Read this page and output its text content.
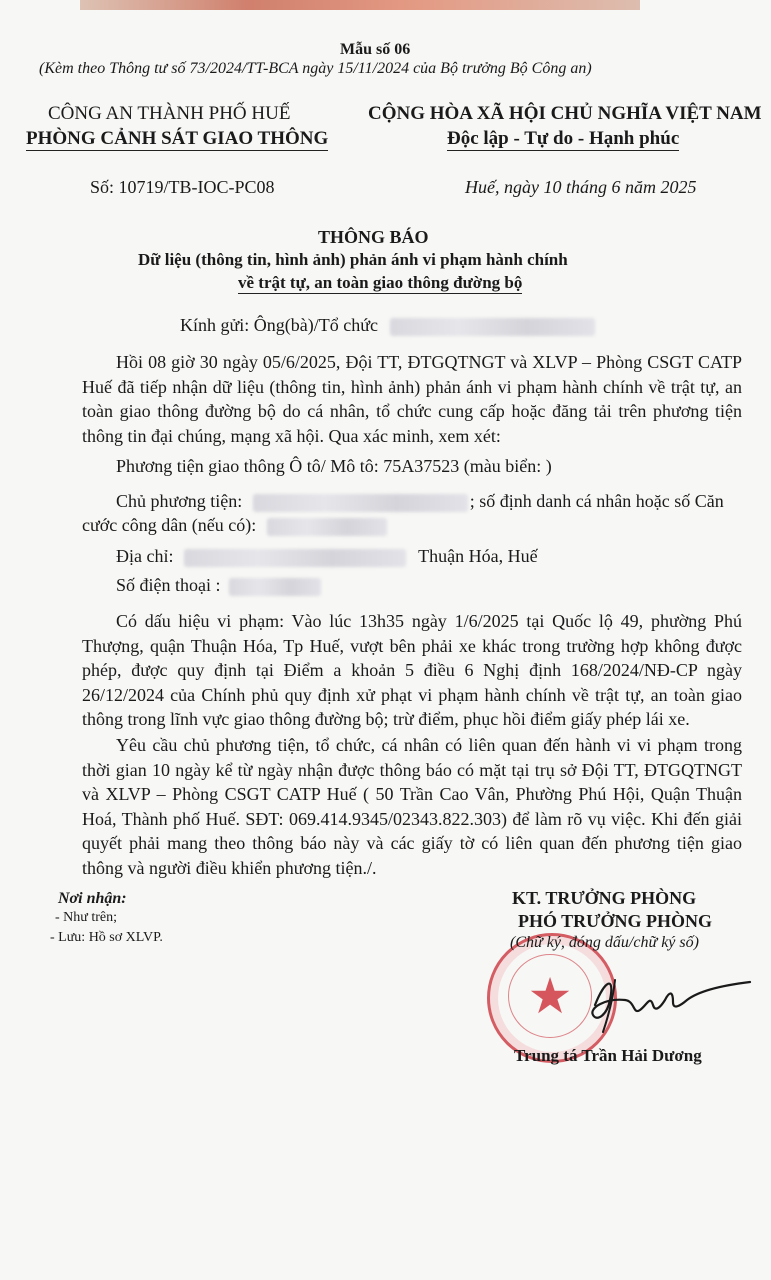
Mẫu số 06
(Kèm theo Thông tư số 73/2024/TT-BCA ngày 15/11/2024 của Bộ trưởng Bộ Công an)
CÔNG AN THÀNH PHỐ HUẾ
PHÒNG CẢNH SÁT GIAO THÔNG
CỘNG HÒA XÃ HỘI CHỦ NGHĨA VIỆT NAM
Độc lập - Tự do - Hạnh phúc
Số: 10719/TB-IOC-PC08	Huế, ngày 10 tháng 6 năm 2025
THÔNG BÁO
Dữ liệu (thông tin, hình ảnh) phản ánh vi phạm hành chính
về trật tự, an toàn giao thông đường bộ
Kính gửi: Ông(bà)/Tổ chức
Hồi 08 giờ 30 ngày 05/6/2025, Đội TT, ĐTGQTNGT và XLVP – Phòng CSGT CATP Huế đã tiếp nhận dữ liệu (thông tin, hình ảnh) phản ánh vi phạm hành chính về trật tự, an toàn giao thông đường bộ do cá nhân, tổ chức cung cấp hoặc đăng tải trên phương tiện thông tin đại chúng, mạng xã hội. Qua xác minh, xem xét:
Phương tiện giao thông Ô tô/ Mô tô: 75A37523 (màu biển: )
Chủ phương tiện:	; số định danh cá nhân hoặc số Căn
cước công dân (nếu có):
Địa chỉ:	Thuận Hóa, Huế
Số điện thoại :
Có dấu hiệu vi phạm: Vào lúc 13h35 ngày 1/6/2025 tại Quốc lộ 49, phường Phú Thượng, quận Thuận Hóa, Tp Huế, vượt bên phải xe khác trong trường hợp không được phép, được quy định tại Điểm a khoản 5 điều 6 Nghị định 168/2024/NĐ-CP ngày 26/12/2024 của Chính phủ quy định xử phạt vi phạm hành chính về trật tự, an toàn giao thông trong lĩnh vực giao thông đường bộ; trừ điểm, phục hồi điểm giấy phép lái xe.
Yêu cầu chủ phương tiện, tổ chức, cá nhân có liên quan đến hành vi vi phạm trong thời gian 10 ngày kể từ ngày nhận được thông báo có mặt tại trụ sở Đội TT, ĐTGQTNGT và XLVP – Phòng CSGT CATP Huế ( 50 Trần Cao Vân, Phường Phú Hội, Quận Thuận Hoá, Thành phố Huế. SĐT: 069.414.9345/02343.822.303) để làm rõ vụ việc. Khi đến giải quyết phải mang theo thông báo này và các giấy tờ có liên quan đến phương tiện giao thông và người điều khiển phương tiện./.
Nơi nhận:
- Như trên;
- Lưu: Hồ sơ XLVP.
★
KT. TRƯỞNG PHÒNG
PHÓ TRƯỞNG PHÒNG
(Chữ ký, đóng dấu/chữ ký số)
Trung tá Trần Hải Dương
